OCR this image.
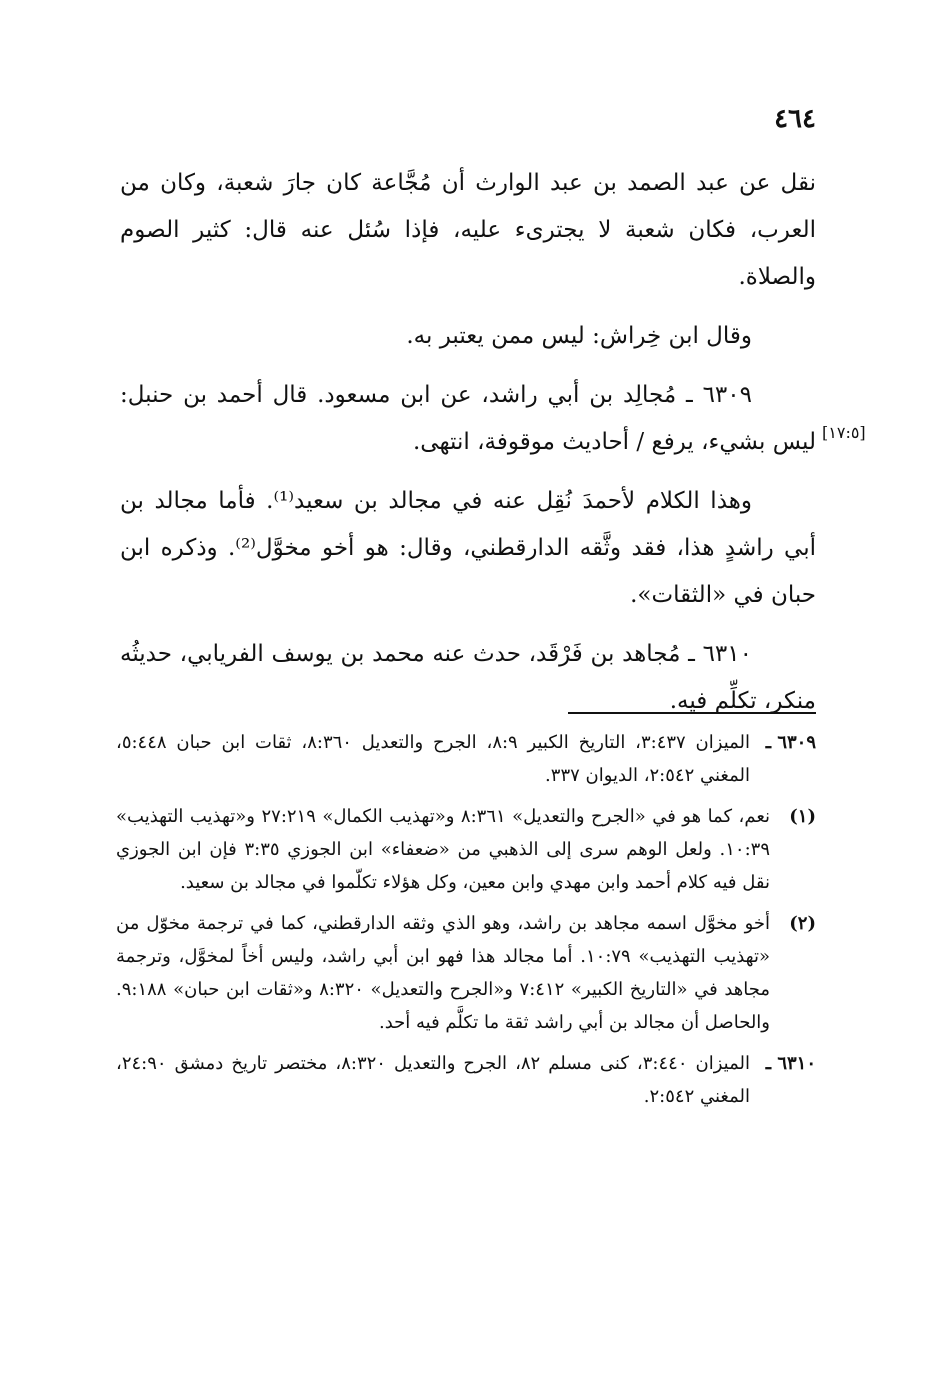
٤٦٤
[١٧:٥]

نقل عن عبد الصمد بن عبد الوارث أن مُجَّاعة كان جارَ شعبة، وكان من العرب، فكان شعبة لا يجترىء عليه، فإذا سُئل عنه قال: كثير الصوم والصلاة.

وقال ابن خِراش: ليس ممن يعتبر به.

٦٣٠٩ ـ مُجالِد بن أبي راشد، عن ابن مسعود. قال أحمد بن حنبل: ليس بشيء، يرفع / أحاديث موقوفة، انتهى.

وهذا الكلام لأحمدَ نُقِل عنه في مجالد بن سعيد⁽¹⁾. فأما مجالد بن أبي راشدٍ هذا، فقد وثَّقه الدارقطني، وقال: هو أخو مخوَّل⁽²⁾. وذكره ابن حبان في «الثقات».

٦٣١٠ ـ مُجاهد بن فَرْقَد، حدث عنه محمد بن يوسف الفريابي، حديثُه منكر، تكلِّم فيه.

٦٣٠٩ ـ
الميزان ٣:٤٣٧، التاريخ الكبير ٨:٩، الجرح والتعديل ٨:٣٦٠، ثقات ابن حبان ٥:٤٤٨، المغني ٢:٥٤٢، الديوان ٣٣٧.
(١)
نعم، كما هو في «الجرح والتعديل» ٨:٣٦١ و«تهذيب الكمال» ٢٧:٢١٩ و«تهذيب التهذيب» ١٠:٣٩. ولعل الوهم سرى إلى الذهبي من «ضعفاء» ابن الجوزي ٣:٣٥ فإن ابن الجوزي نقل فيه كلام أحمد وابن مهدي وابن معين، وكل هؤلاء تكلّموا في مجالد بن سعيد.
(٢)
أخو مخوَّل اسمه مجاهد بن راشد، وهو الذي وثقه الدارقطني، كما في ترجمة مخوّل من «تهذيب التهذيب» ١٠:٧٩. أما مجالد هذا فهو ابن أبي راشد، وليس أخاً لمخوَّل، وترجمة مجاهد في «التاريخ الكبير» ٧:٤١٢ و«الجرح والتعديل» ٨:٣٢٠ و«ثقات ابن حبان» ٩:١٨٨. والحاصل أن مجالد بن أبي راشد ثقة ما تكلَّم فيه أحد.
٦٣١٠ ـ
الميزان ٣:٤٤٠، كنى مسلم ٨٢، الجرح والتعديل ٨:٣٢٠، مختصر تاريخ دمشق ٢٤:٩٠، المغني ٢:٥٤٢.
